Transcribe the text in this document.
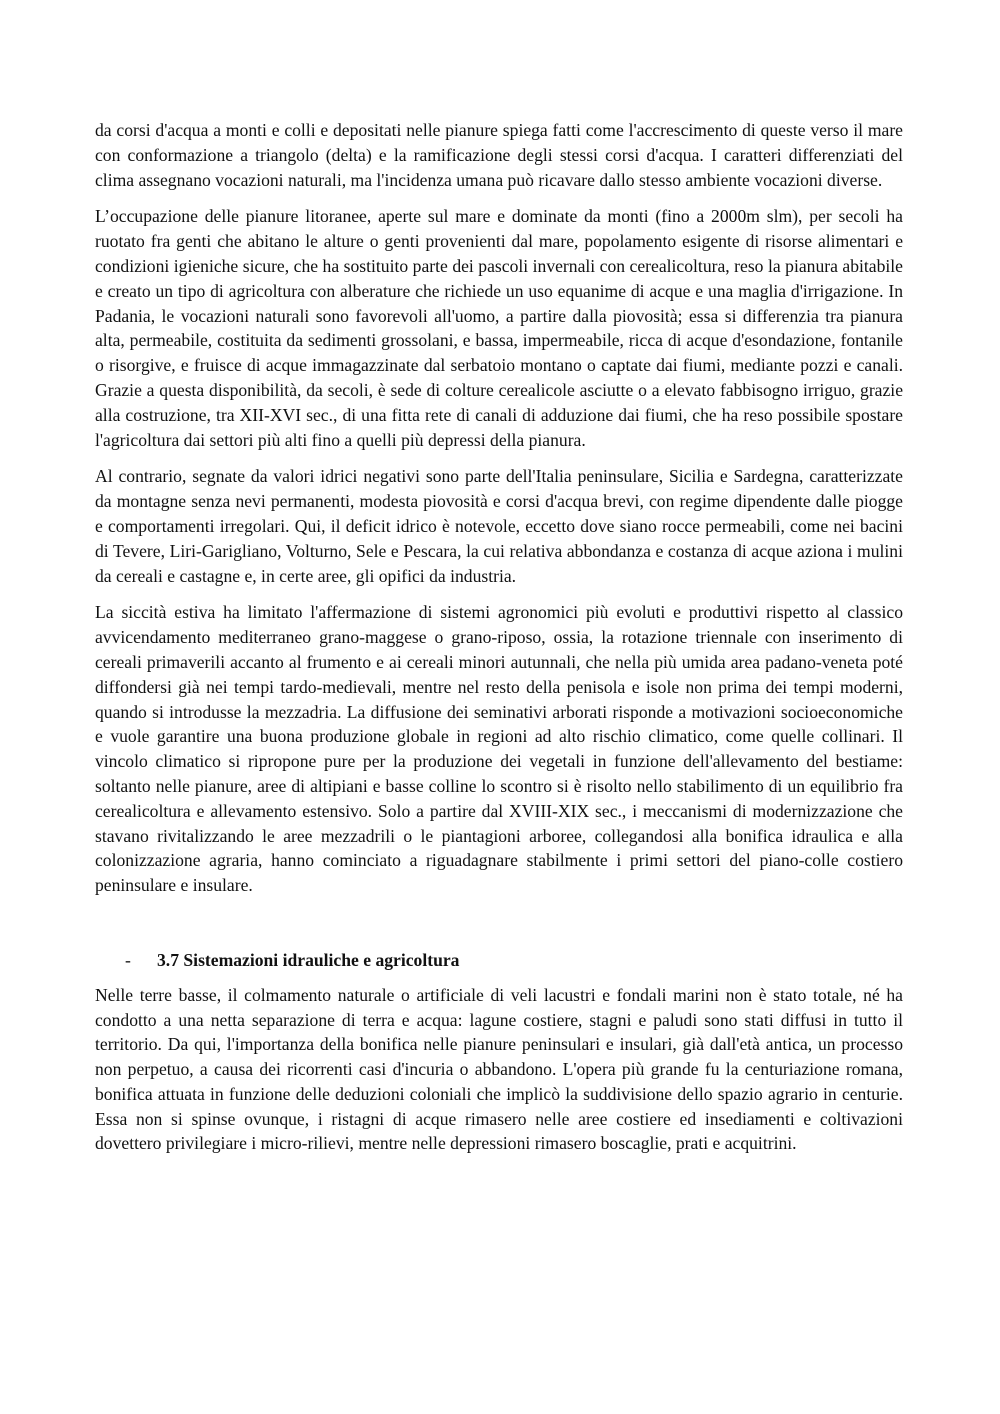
da corsi d'acqua a monti e colli e depositati nelle pianure spiega fatti come l'accrescimento di queste verso il mare con conformazione a triangolo (delta) e la ramificazione degli stessi corsi d'acqua. I caratteri differenziati del clima assegnano vocazioni naturali, ma l'incidenza umana può ricavare dallo stesso ambiente vocazioni diverse.

L’occupazione delle pianure litoranee, aperte sul mare e dominate da monti (fino a 2000m slm), per secoli ha ruotato fra genti che abitano le alture o genti provenienti dal mare, popolamento esigente di risorse alimentari e condizioni igieniche sicure, che ha sostituito parte dei pascoli invernali con cerealicoltura, reso la pianura abitabile e creato un tipo di agricoltura con alberature che richiede un uso equanime di acque e una maglia d'irrigazione. In Padania, le vocazioni naturali sono favorevoli all'uomo, a partire dalla piovosità; essa si differenzia tra pianura alta, permeabile, costituita da sedimenti grossolani, e bassa, impermeabile, ricca di acque d'esondazione, fontanile o risorgive, e fruisce di acque immagazzinate dal serbatoio montano o captate dai fiumi, mediante pozzi e canali. Grazie a questa disponibilità, da secoli, è sede di colture cerealicole asciutte o a elevato fabbisogno irriguo, grazie alla costruzione, tra XII-XVI sec., di una fitta rete di canali di adduzione dai fiumi, che ha reso possibile spostare l'agricoltura dai settori più alti fino a quelli più depressi della pianura.

Al contrario, segnate da valori idrici negativi sono parte dell'Italia peninsulare, Sicilia e Sardegna, caratterizzate da montagne senza nevi permanenti, modesta piovosità e corsi d'acqua brevi, con regime dipendente dalle piogge e comportamenti irregolari. Qui, il deficit idrico è notevole, eccetto dove siano rocce permeabili, come nei bacini di Tevere, Liri-Garigliano, Volturno, Sele e Pescara, la cui relativa abbondanza e costanza di acque aziona i mulini da cereali e castagne e, in certe aree, gli opifici da industria.

La siccità estiva ha limitato l'affermazione di sistemi agronomici più evoluti e produttivi rispetto al classico avvicendamento mediterraneo grano-maggese o grano-riposo, ossia, la rotazione triennale con inserimento di cereali primaverili accanto al frumento e ai cereali minori autunnali, che nella più umida area padano-veneta poté diffondersi già nei tempi tardo-medievali, mentre nel resto della penisola e isole non prima dei tempi moderni, quando si introdusse la mezzadria. La diffusione dei seminativi arborati risponde a motivazioni socioeconomiche e vuole garantire una buona produzione globale in regioni ad alto rischio climatico, come quelle collinari. Il vincolo climatico si ripropone pure per la produzione dei vegetali in funzione dell'allevamento del bestiame: soltanto nelle pianure, aree di altipiani e basse colline lo scontro si è risolto nello stabilimento di un equilibrio fra cerealicoltura e allevamento estensivo. Solo a partire dal XVIII-XIX sec., i meccanismi di modernizzazione che stavano rivitalizzando le aree mezzadrili o le piantagioni arboree, collegandosi alla bonifica idraulica e alla colonizzazione agraria, hanno cominciato a riguadagnare stabilmente i primi settori del piano-colle costiero peninsulare e insulare.

-	3.7 Sistemazioni idrauliche e agricoltura

Nelle terre basse, il colmamento naturale o artificiale di veli lacustri e fondali marini non è stato totale, né ha condotto a una netta separazione di terra e acqua: lagune costiere, stagni e paludi sono stati diffusi in tutto il territorio. Da qui, l'importanza della bonifica nelle pianure peninsulari e insulari, già dall'età antica, un processo non perpetuo, a causa dei ricorrenti casi d'incuria o abbandono. L'opera più grande fu la centuriazione romana, bonifica attuata in funzione delle deduzioni coloniali che implicò la suddivisione dello spazio agrario in centurie. Essa non si spinse ovunque, i ristagni di acque rimasero nelle aree costiere ed insediamenti e coltivazioni dovettero privilegiare i micro-rilievi, mentre nelle depressioni rimasero boscaglie, prati e acquitrini.
